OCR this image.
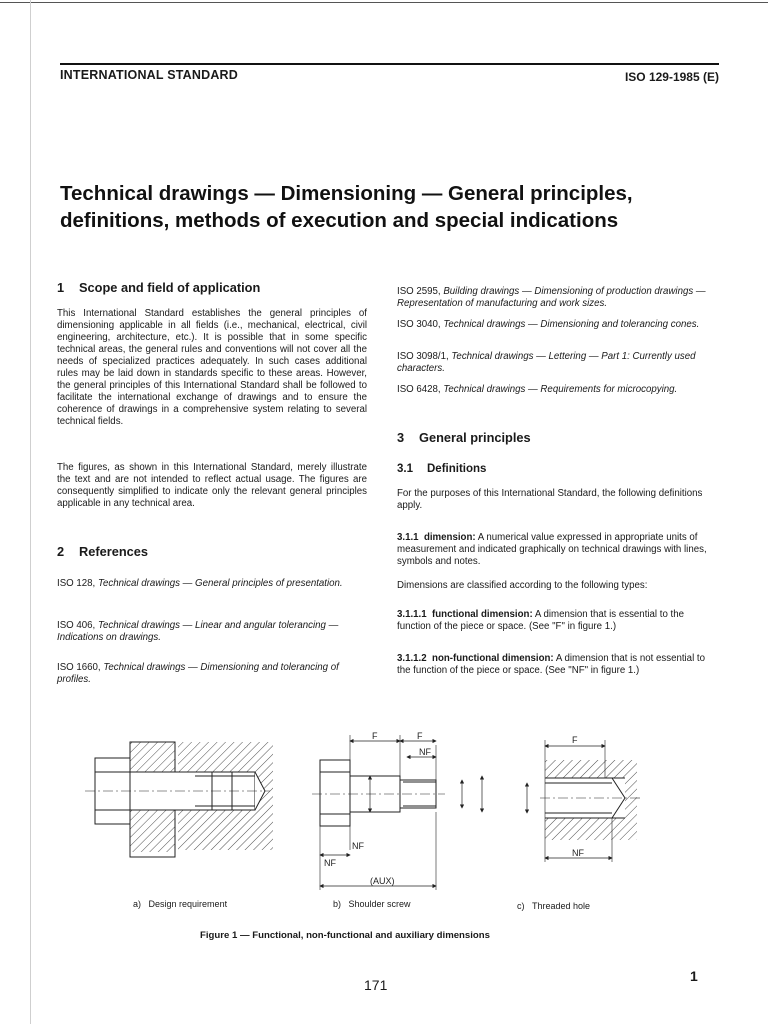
INTERNATIONAL STANDARD	ISO 129-1985 (E)
Technical drawings — Dimensioning — General principles,
definitions, methods of execution and special indications
1 Scope and field of application
This International Standard establishes the general principles of dimensioning applicable in all fields (i.e., mechanical, electrical, civil engineering, architecture, etc.). It is possible that in some specific technical areas, the general rules and conventions will not cover all the needs of specialized practices adequately. In such cases additional rules may be laid down in standards specific to these areas. However, the general principles of this International Standard shall be followed to facilitate the international exchange of drawings and to ensure the coherence of drawings in a comprehensive system relating to several technical fields.
The figures, as shown in this International Standard, merely illustrate the text and are not intended to reflect actual usage. The figures are consequently simplified to indicate only the relevant general principles applicable in any technical area.
2 References
ISO 128, Technical drawings — General principles of presentation.
ISO 406, Technical drawings — Linear and angular tolerancing — Indications on drawings.
ISO 1660, Technical drawings — Dimensioning and tolerancing of profiles.
ISO 2595, Building drawings — Dimensioning of production drawings — Representation of manufacturing and work sizes.
ISO 3040, Technical drawings — Dimensioning and tolerancing cones.
ISO 3098/1, Technical drawings — Lettering — Part 1: Currently used characters.
ISO 6428, Technical drawings — Requirements for microcopying.
3 General principles
3.1 Definitions
For the purposes of this International Standard, the following definitions apply.
3.1.1 dimension: A numerical value expressed in appropriate units of measurement and indicated graphically on technical drawings with lines, symbols and notes.
Dimensions are classified according to the following types:
3.1.1.1 functional dimension: A dimension that is essential to the function of the piece or space. (See "F" in figure 1.)
3.1.1.2 non-functional dimension: A dimension that is not essential to the function of the piece or space. (See "NF" in figure 1.)
F	F
NF
NF
NF
(AUX)
F
NF
a) Design requirement	b) Shoulder screw	c) Threaded hole
Figure 1 — Functional, non-functional and auxiliary dimensions
171
1
